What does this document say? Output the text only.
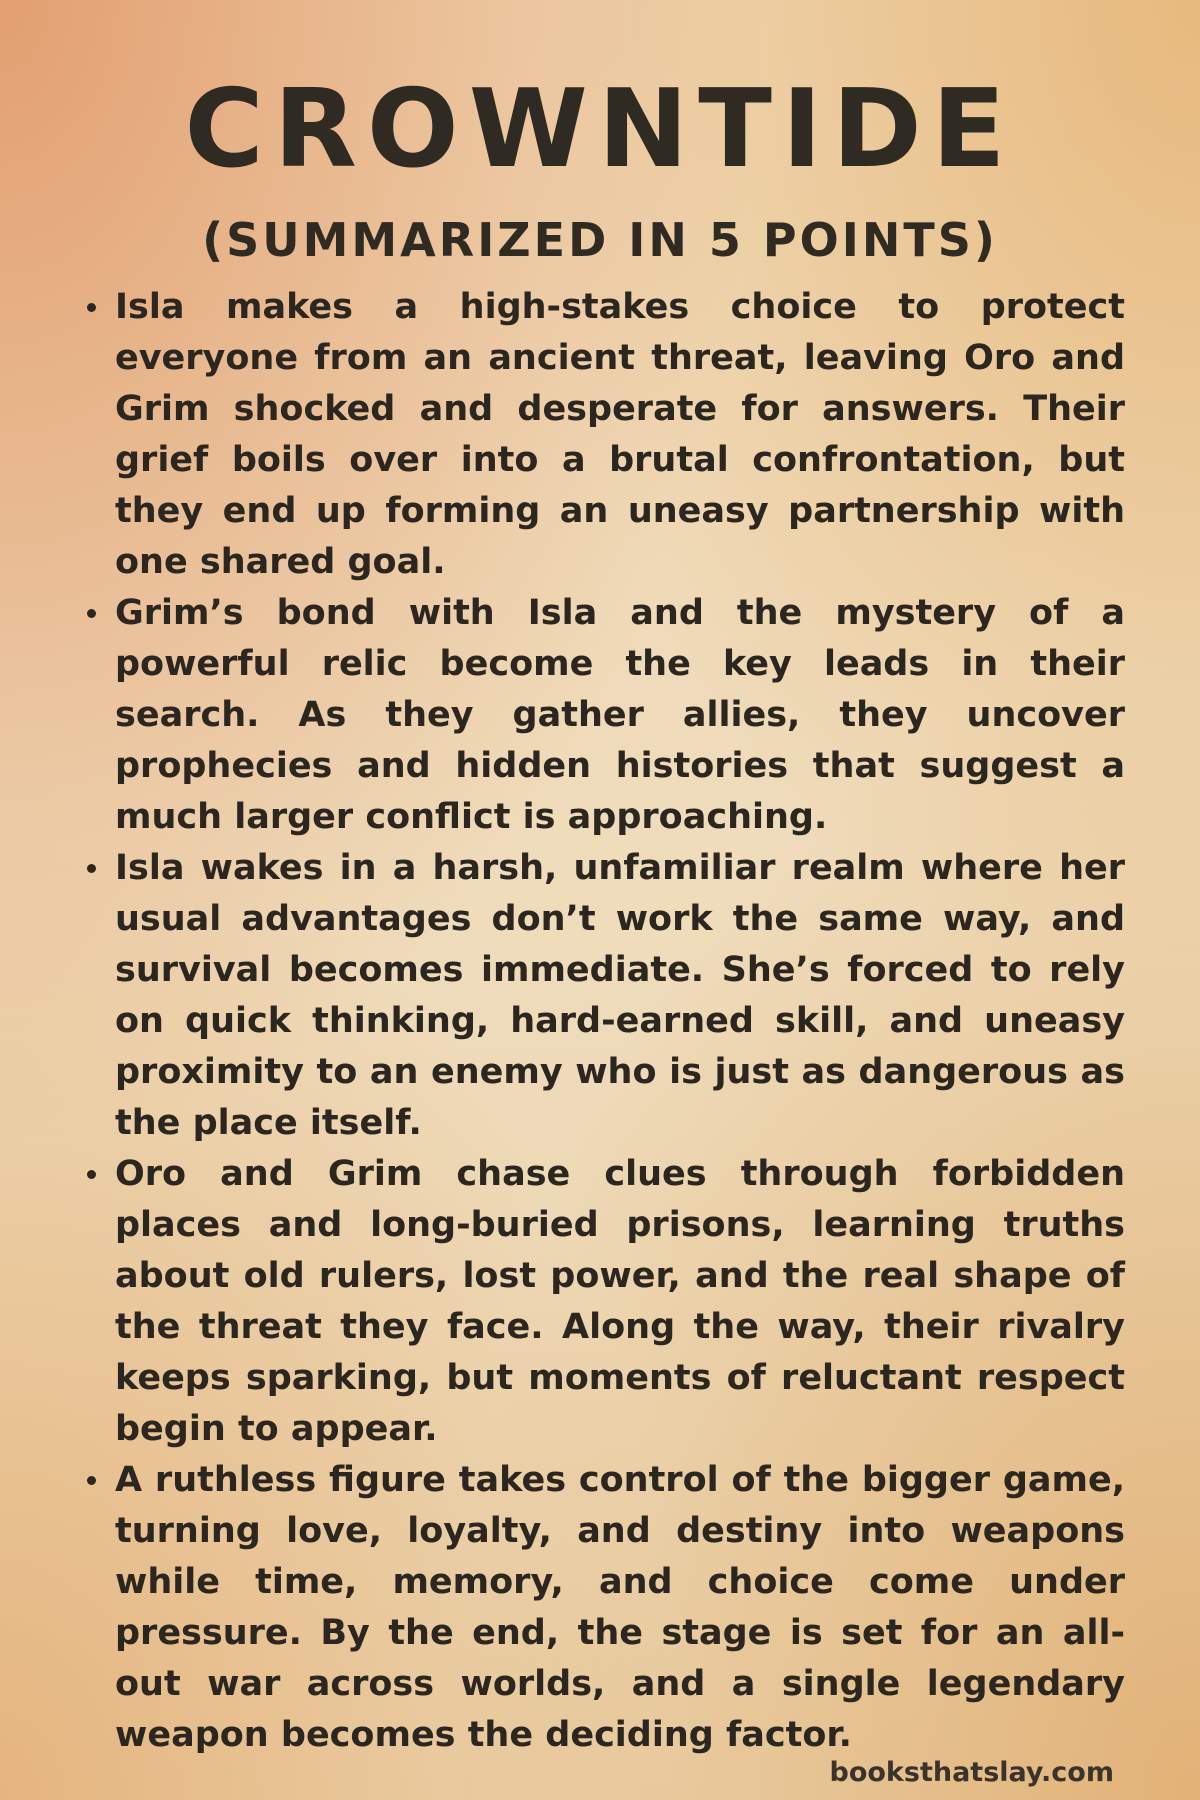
CROWNTIDE
(SUMMARIZED IN 5 POINTS)
Isla makes a high-stakes choice to protect everyone from an ancient threat, leaving Oro and Grim shocked and desperate for answers. Their grief boils over into a brutal confrontation, but they end up forming an uneasy partnership with one shared goal.
Grim’s bond with Isla and the mystery of a powerful relic become the key leads in their search. As they gather allies, they uncover prophecies and hidden histories that suggest a much larger conflict is approaching.
Isla wakes in a harsh, unfamiliar realm where her usual advantages don’t work the same way, and survival becomes immediate. She’s forced to rely on quick thinking, hard-earned skill, and uneasy proximity to an enemy who is just as dangerous as the place itself.
Oro and Grim chase clues through forbidden places and long-buried prisons, learning truths about old rulers, lost power, and the real shape of the threat they face. Along the way, their rivalry keeps sparking, but moments of reluctant respect begin to appear.
A ruthless figure takes control of the bigger game, turning love, loyalty, and destiny into weapons while time, memory, and choice come under pressure. By the end, the stage is set for an all-out war across worlds, and a single legendary weapon becomes the deciding factor.
booksthatslay.com
